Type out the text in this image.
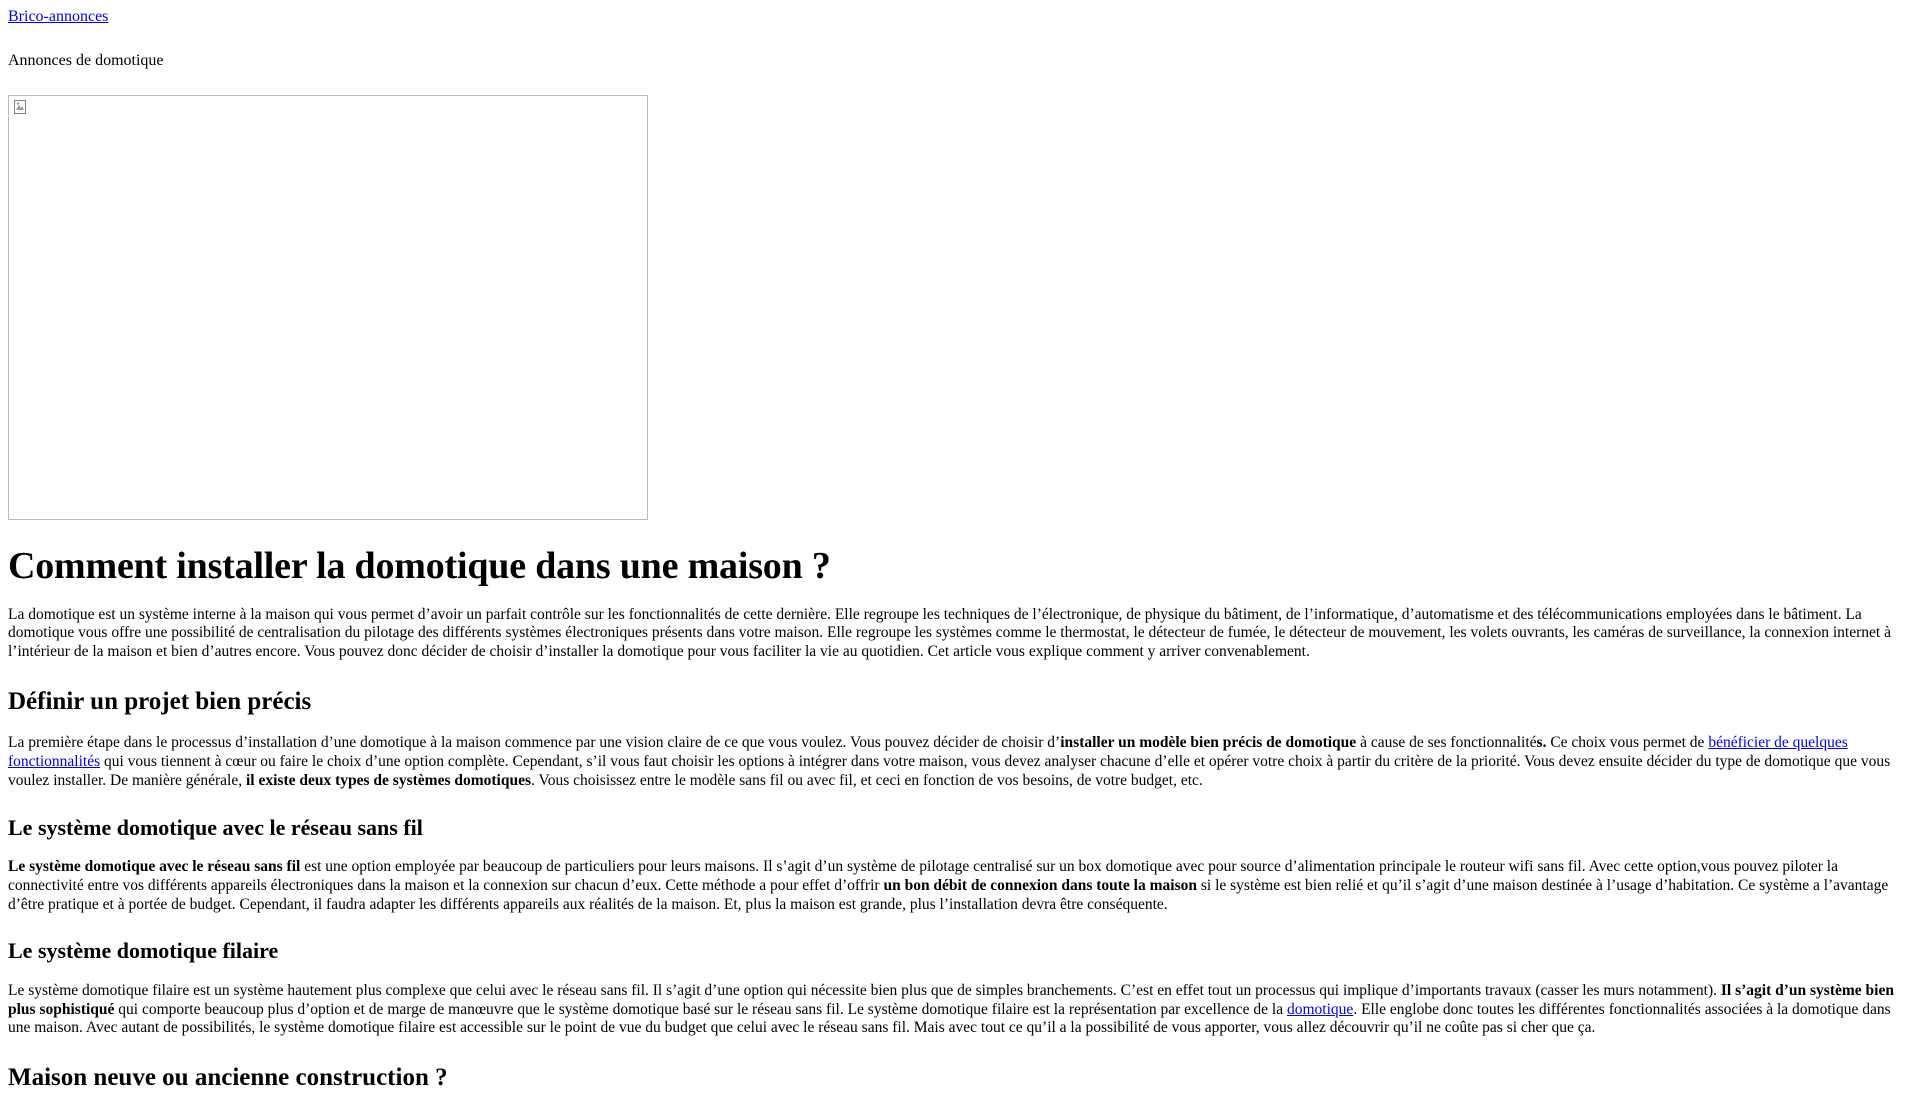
Brico-annonces

Annonces de domotique

Comment installer la domotique dans une maison ?

La domotique est un système interne à la maison qui vous permet d’avoir un parfait contrôle sur les fonctionnalités de cette dernière. Elle regroupe les techniques de l’électronique, de physique du bâtiment, de l’informatique, d’automatisme et des télécommunications employées dans le bâtiment. La domotique vous offre une possibilité de centralisation du pilotage des différents systèmes électroniques présents dans votre maison. Elle regroupe les systèmes comme le thermostat, le détecteur de fumée, le détecteur de mouvement, les volets ouvrants, les caméras de surveillance, la connexion internet à l’intérieur de la maison et bien d’autres encore. Vous pouvez donc décider de choisir d’installer la domotique pour vous faciliter la vie au quotidien. Cet article vous explique comment y arriver convenablement.

Définir un projet bien précis

La première étape dans le processus d’installation d’une domotique à la maison commence par une vision claire de ce que vous voulez. Vous pouvez décider de choisir d’installer un modèle bien précis de domotique à cause de ses fonctionnalités. Ce choix vous permet de bénéficier de quelques fonctionnalités qui vous tiennent à cœur ou faire le choix d’une option complète. Cependant, s’il vous faut choisir les options à intégrer dans votre maison, vous devez analyser chacune d’elle et opérer votre choix à partir du critère de la priorité. Vous devez ensuite décider du type de domotique que vous voulez installer. De manière générale, il existe deux types de systèmes domotiques. Vous choisissez entre le modèle sans fil ou avec fil, et ceci en fonction de vos besoins, de votre budget, etc.

Le système domotique avec le réseau sans fil

Le système domotique avec le réseau sans fil est une option employée par beaucoup de particuliers pour leurs maisons. Il s’agit d’un système de pilotage centralisé sur un box domotique avec pour source d’alimentation principale le routeur wifi sans fil. Avec cette option,vous pouvez piloter la connectivité entre vos différents appareils électroniques dans la maison et la connexion sur chacun d’eux. Cette méthode a pour effet d’offrir un bon débit de connexion dans toute la maison si le système est bien relié et qu’il s’agit d’une maison destinée à l’usage d’habitation. Ce système a l’avantage d’être pratique et à portée de budget. Cependant, il faudra adapter les différents appareils aux réalités de la maison. Et, plus la maison est grande, plus l’installation devra être conséquente.

Le système domotique filaire

Le système domotique filaire est un système hautement plus complexe que celui avec le réseau sans fil. Il s’agit d’une option qui nécessite bien plus que de simples branchements. C’est en effet tout un processus qui implique d’importants travaux (casser les murs notamment). Il s’agit d’un système bien plus sophistiqué qui comporte beaucoup plus d’option et de marge de manœuvre que le système domotique basé sur le réseau sans fil. Le système domotique filaire est la représentation par excellence de la domotique. Elle englobe donc toutes les différentes fonctionnalités associées à la domotique dans une maison. Avec autant de possibilités, le système domotique filaire est accessible sur le point de vue du budget que celui avec le réseau sans fil. Mais avec tout ce qu’il a la possibilité de vous apporter, vous allez découvrir qu’il ne coûte pas si cher que ça.

Maison neuve ou ancienne construction ?
